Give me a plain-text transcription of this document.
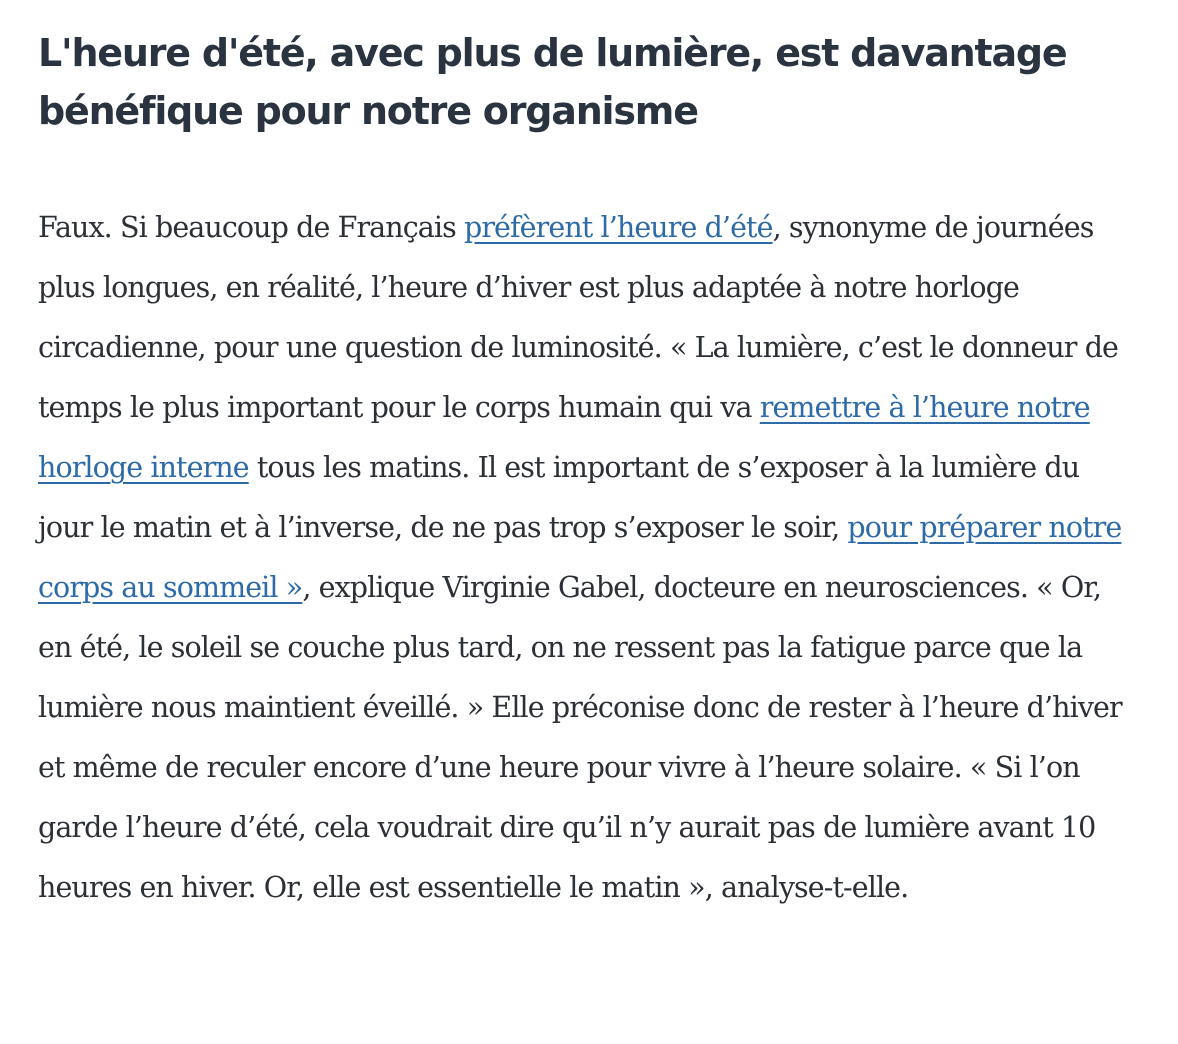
L'heure d'été, avec plus de lumière, est davantage bénéfique pour notre organisme

Faux. Si beaucoup de Français préfèrent l’heure d’été, synonyme de journées plus longues, en réalité, l’heure d’hiver est plus adaptée à notre horloge circadienne, pour une question de luminosité. « La lumière, c’est le donneur de temps le plus important pour le corps humain qui va remettre à l’heure notre horloge interne tous les matins. Il est important de s’exposer à la lumière du jour le matin et à l’inverse, de ne pas trop s’exposer le soir, pour préparer notre corps au sommeil », explique Virginie Gabel, docteure en neurosciences. « Or, en été, le soleil se couche plus tard, on ne ressent pas la fatigue parce que la lumière nous maintient éveillé. » Elle préconise donc de rester à l’heure d’hiver et même de reculer encore d’une heure pour vivre à l’heure solaire. « Si l’on garde l’heure d’été, cela voudrait dire qu’il n’y aurait pas de lumière avant 10 heures en hiver. Or, elle est essentielle le matin », analyse-t-elle.
